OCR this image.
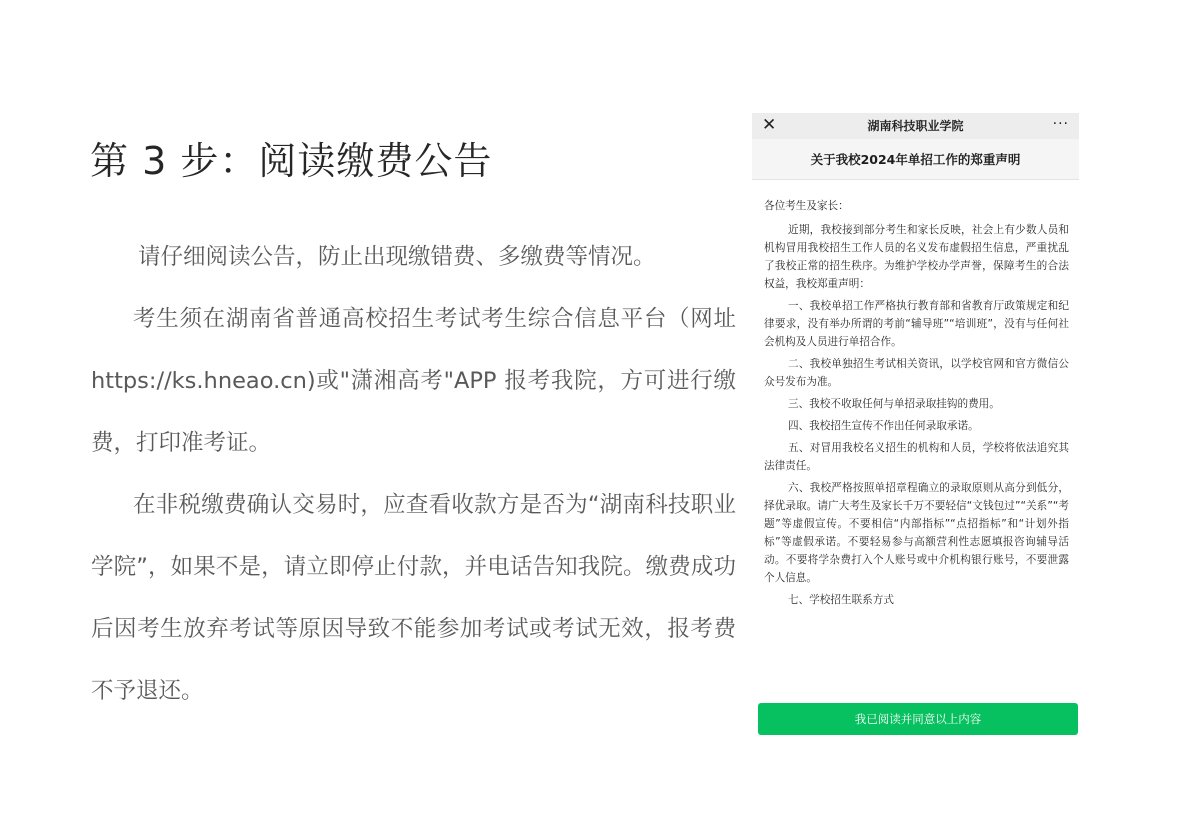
第 3 步：阅读缴费公告

请仔细阅读公告，防止出现缴错费、多缴费等情况。

考生须在湖南省普通高校招生考试考生综合信息平台（网址 https://ks.hneao.cn)或"潇湘高考"APP 报考我院，方可进行缴费，打印准考证。

在非税缴费确认交易时，应查看收款方是否为“湖南科技职业学院”，如果不是，请立即停止付款，并电话告知我院。缴费成功后因考生放弃考试等原因导致不能参加考试或考试无效，报考费不予退还。

湖南科技职业学院
✕	···
关于我校2024年单招工作的郑重声明

各位考生及家长：

近期，我校接到部分考生和家长反映，社会上有少数人员和机构冒用我校招生工作人员的名义发布虚假招生信息，严重扰乱了我校正常的招生秩序。为维护学校办学声誉，保障考生的合法权益，我校郑重声明：

一、我校单招工作严格执行教育部和省教育厅政策规定和纪律要求，没有举办所谓的考前“辅导班”“培训班”，没有与任何社会机构及人员进行单招合作。

二、我校单独招生考试相关资讯，以学校官网和官方微信公众号发布为准。

三、我校不收取任何与单招录取挂钩的费用。

四、我校招生宣传不作出任何录取承诺。

五、对冒用我校名义招生的机构和人员，学校将依法追究其法律责任。

六、我校严格按照单招章程确立的录取原则从高分到低分，择优录取。请广大考生及家长千万不要轻信“文钱包过”“关系”“考题”等虚假宣传。不要相信“内部指标”“点招指标”和“计划外指标”等虚假承诺。不要轻易参与高额营利性志愿填报咨询辅导活动。不要将学杂费打入个人账号或中介机构银行账号，不要泄露个人信息。

七、学校招生联系方式

我已阅读并同意以上内容
